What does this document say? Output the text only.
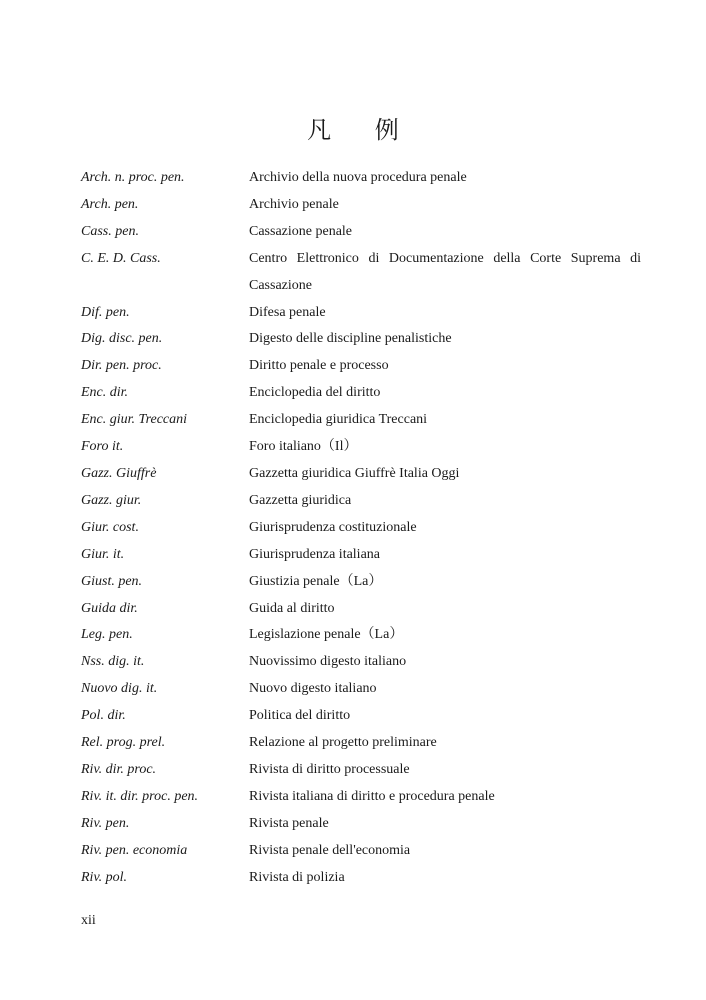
凡 例
Arch. n. proc. pen.	Archivio della nuova procedura penale
Arch. pen.	Archivio penale
Cass. pen.	Cassazione penale
C. E. D. Cass.	Centro Elettronico di Documentazione della Corte Suprema di Cassazione
Dif. pen.	Difesa penale
Dig. disc. pen.	Digesto delle discipline penalistiche
Dir. pen. proc.	Diritto penale e processo
Enc. dir.	Enciclopedia del diritto
Enc. giur. Treccani	Enciclopedia giuridica Treccani
Foro it.	Foro italiano（Il）
Gazz. Giuffrè	Gazzetta giuridica Giuffrè Italia Oggi
Gazz. giur.	Gazzetta giuridica
Giur. cost.	Giurisprudenza costituzionale
Giur. it.	Giurisprudenza italiana
Giust. pen.	Giustizia penale（La）
Guida dir.	Guida al diritto
Leg. pen.	Legislazione penale（La）
Nss. dig. it.	Nuovissimo digesto italiano
Nuovo dig. it.	Nuovo digesto italiano
Pol. dir.	Politica del diritto
Rel. prog. prel.	Relazione al progetto preliminare
Riv. dir. proc.	Rivista di diritto processuale
Riv. it. dir. proc. pen.	Rivista italiana di diritto e procedura penale
Riv. pen.	Rivista penale
Riv. pen. economia	Rivista penale dell'economia
Riv. pol.	Rivista di polizia
xii
